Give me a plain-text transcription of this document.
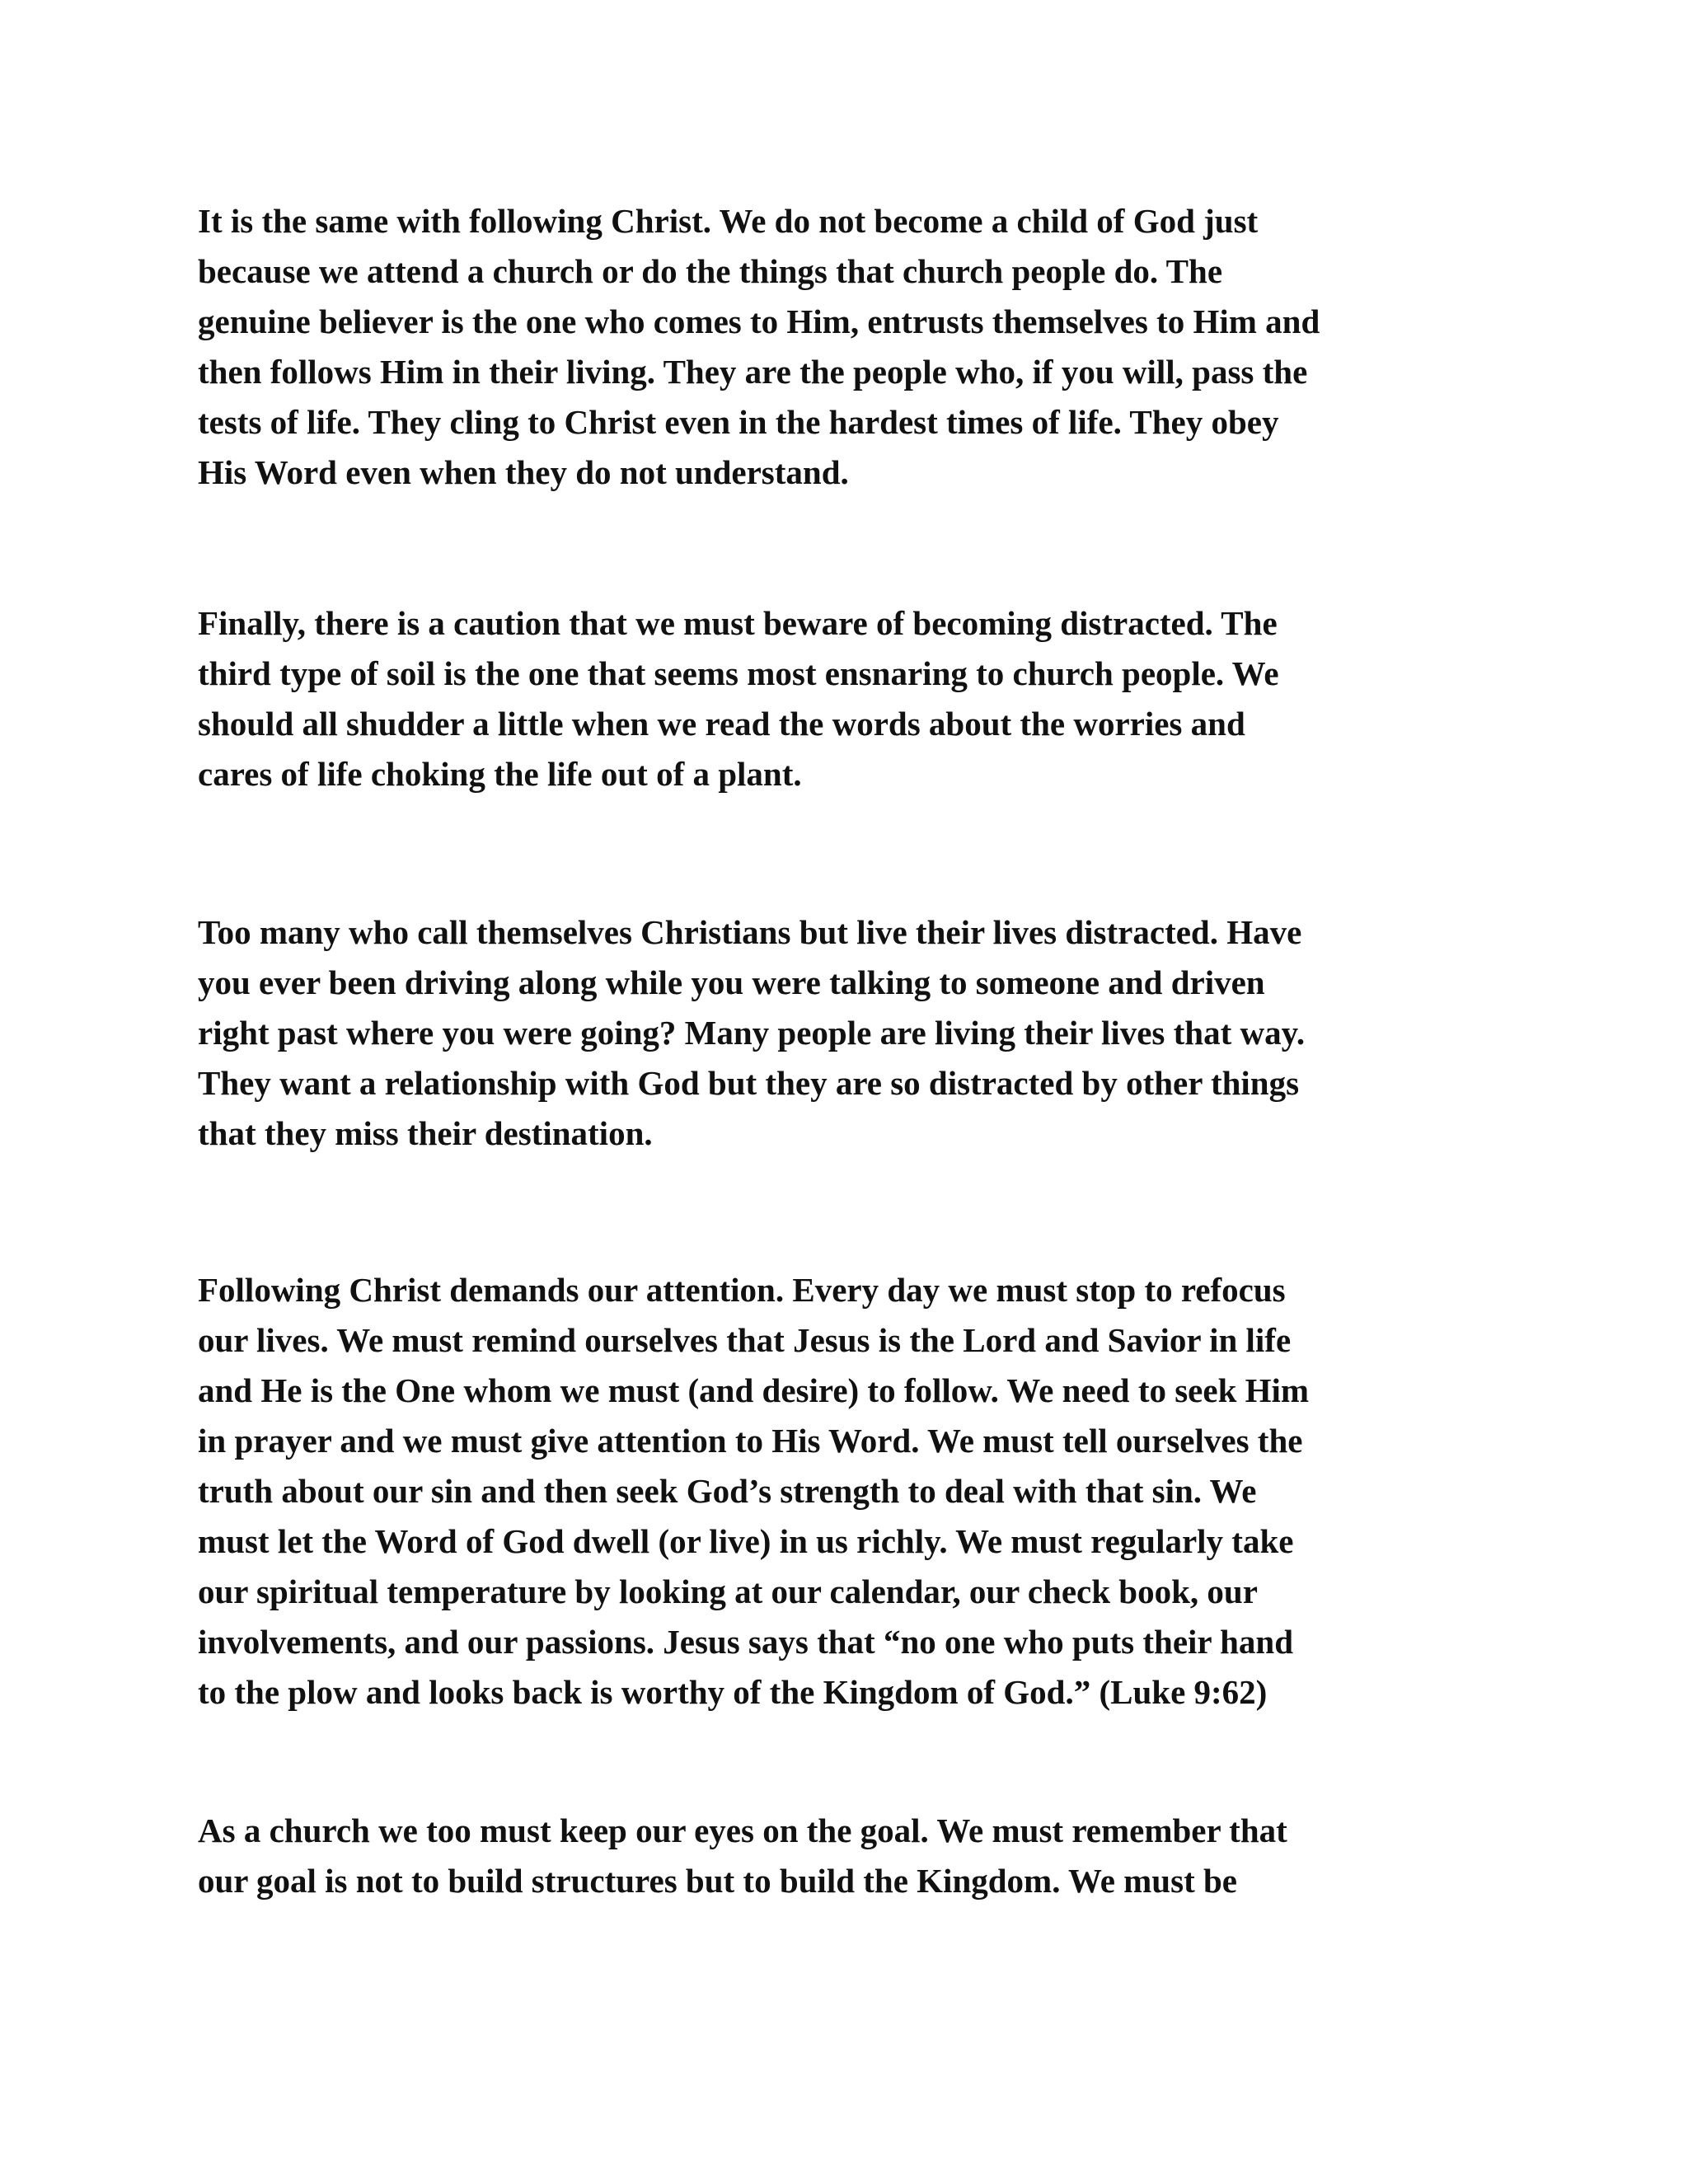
It is the same with following Christ. We do not become a child of God just
because we attend a church or do the things that church people do. The
genuine believer is the one who comes to Him, entrusts themselves to Him and
then follows Him in their living. They are the people who, if you will, pass the
tests of life. They cling to Christ even in the hardest times of life. They obey
His Word even when they do not understand.
Finally, there is a caution that we must beware of becoming distracted. The
third type of soil is the one that seems most ensnaring to church people. We
should all shudder a little when we read the words about the worries and
cares of life choking the life out of a plant.
Too many who call themselves Christians but live their lives distracted. Have
you ever been driving along while you were talking to someone and driven
right past where you were going? Many people are living their lives that way.
They want a relationship with God but they are so distracted by other things
that they miss their destination.
Following Christ demands our attention. Every day we must stop to refocus
our lives. We must remind ourselves that Jesus is the Lord and Savior in life
and He is the One whom we must (and desire) to follow. We need to seek Him
in prayer and we must give attention to His Word. We must tell ourselves the
truth about our sin and then seek God’s strength to deal with that sin. We
must let the Word of God dwell (or live) in us richly. We must regularly take
our spiritual temperature by looking at our calendar, our check book, our
involvements, and our passions. Jesus says that “no one who puts their hand
to the plow and looks back is worthy of the Kingdom of God.” (Luke 9:62)
As a church we too must keep our eyes on the goal. We must remember that
our goal is not to build structures but to build the Kingdom. We must be
